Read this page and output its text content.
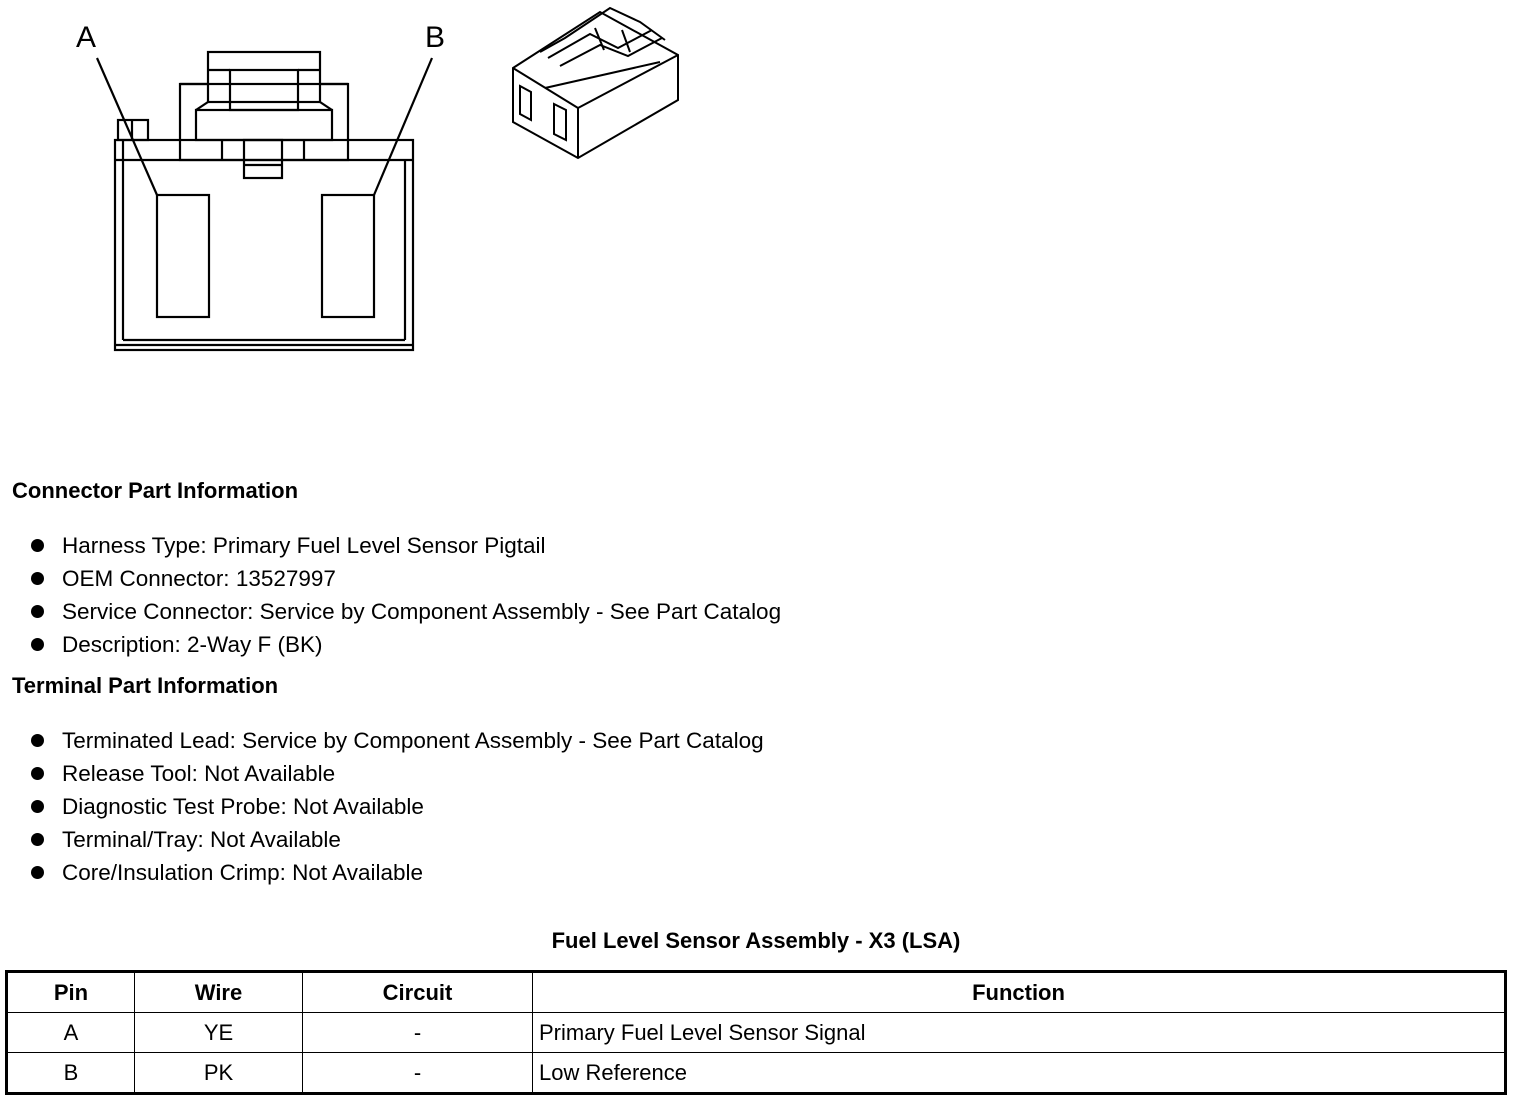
A	B
Connector Part Information
Harness Type: Primary Fuel Level Sensor Pigtail
OEM Connector: 13527997
Service Connector: Service by Component Assembly - See Part Catalog
Description: 2-Way F (BK)
Terminal Part Information
Terminated Lead: Service by Component Assembly - See Part Catalog
Release Tool: Not Available
Diagnostic Test Probe: Not Available
Terminal/Tray: Not Available
Core/Insulation Crimp: Not Available
Fuel Level Sensor Assembly - X3 (LSA)
Pin	Wire	Circuit	Function
A	YE	-	Primary Fuel Level Sensor Signal
B	PK	-	Low Reference
